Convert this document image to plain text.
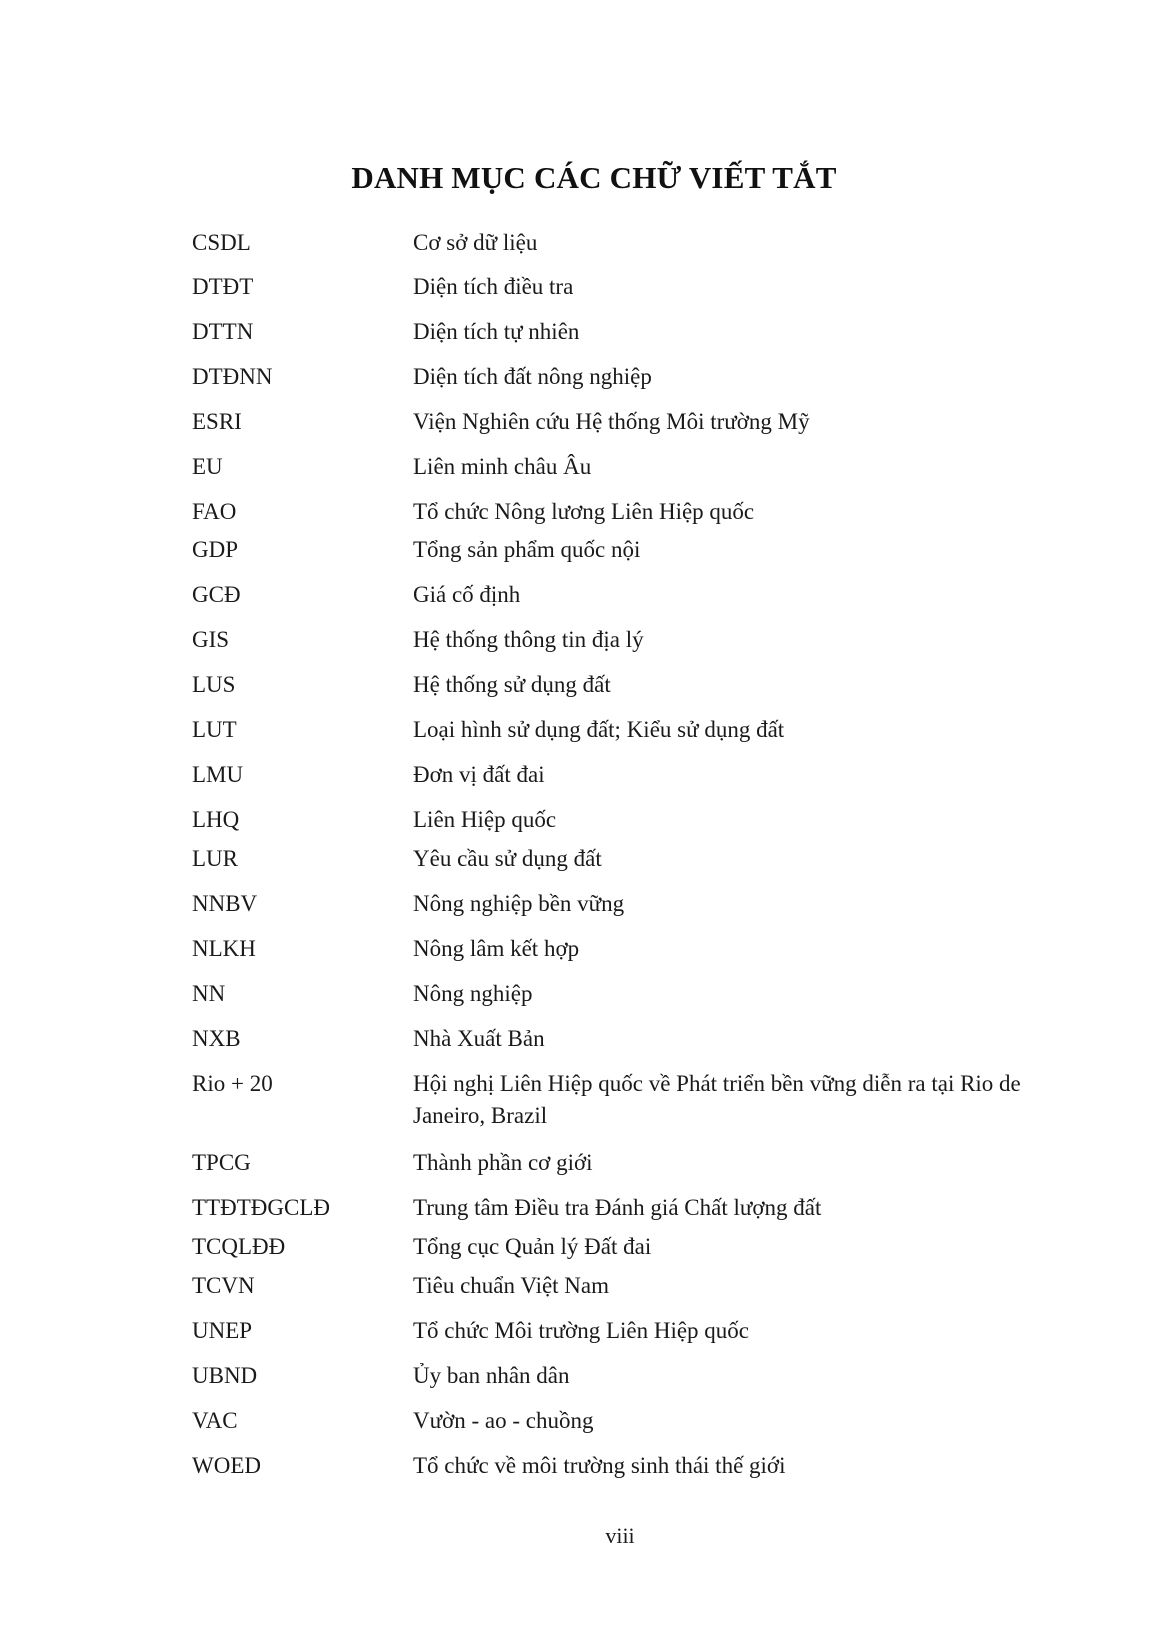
DANH MỤC CÁC CHỮ VIẾT TẮT
CSDL	Cơ sở dữ liệu
DTĐT	Diện tích điều tra
DTTN	Diện tích tự nhiên
DTĐNN	Diện tích đất nông nghiệp
ESRI	Viện Nghiên cứu Hệ thống Môi trường Mỹ
EU	Liên minh châu Âu
FAO	Tổ chức Nông lương Liên Hiệp quốc
GDP	Tổng sản phẩm quốc nội
GCĐ	Giá cố định
GIS	Hệ thống thông tin địa lý
LUS	Hệ thống sử dụng đất
LUT	Loại hình sử dụng đất; Kiểu sử dụng đất
LMU	Đơn vị đất đai
LHQ	Liên Hiệp quốc
LUR	Yêu cầu sử dụng đất
NNBV	Nông nghiệp bền vững
NLKH	Nông lâm kết hợp
NN	Nông nghiệp
NXB	Nhà Xuất Bản
Rio + 20	Hội nghị Liên Hiệp quốc về Phát triển bền vững diễn ra tại Rio de Janeiro, Brazil
TPCG	Thành phần cơ giới
TTĐTĐGCLĐ	Trung tâm Điều tra Đánh giá Chất lượng đất
TCQLĐĐ	Tổng cục Quản lý Đất đai
TCVN	Tiêu chuẩn Việt Nam
UNEP	Tổ chức Môi trường Liên Hiệp quốc
UBND	Ủy ban nhân dân
VAC	Vườn - ao - chuồng
WOED	Tổ chức về môi trường sinh thái thế giới
viii
